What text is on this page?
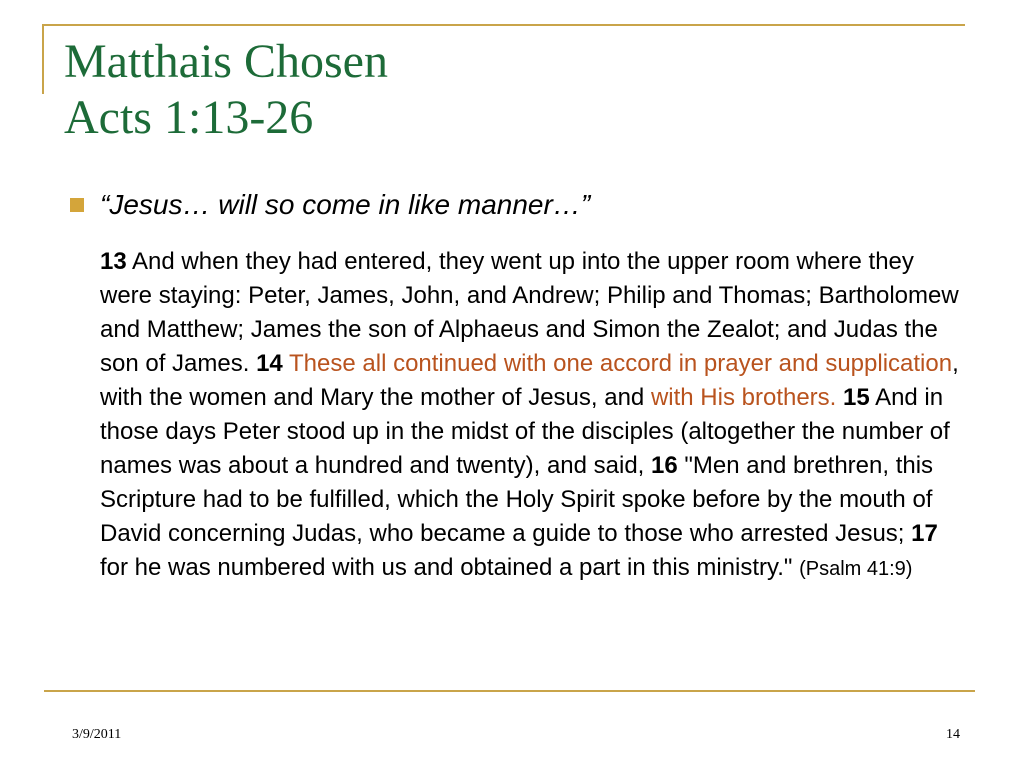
Matthais Chosen
Acts 1:13-26
“Jesus… will so come in like manner…”

13 And when they had entered, they went up into the upper room where they were staying: Peter, James, John, and Andrew; Philip and Thomas; Bartholomew and Matthew; James the son of Alphaeus and Simon the Zealot; and Judas the son of James. 14 These all continued with one accord in prayer and supplication, with the women and Mary the mother of Jesus, and with His brothers. 15 And in those days Peter stood up in the midst of the disciples (altogether the number of names was about a hundred and twenty), and said, 16 "Men and brethren, this Scripture had to be fulfilled, which the Holy Spirit spoke before by the mouth of David concerning Judas, who became a guide to those who arrested Jesus; 17 for he was numbered with us and obtained a part in this ministry." (Psalm 41:9)

3/9/2011	14
